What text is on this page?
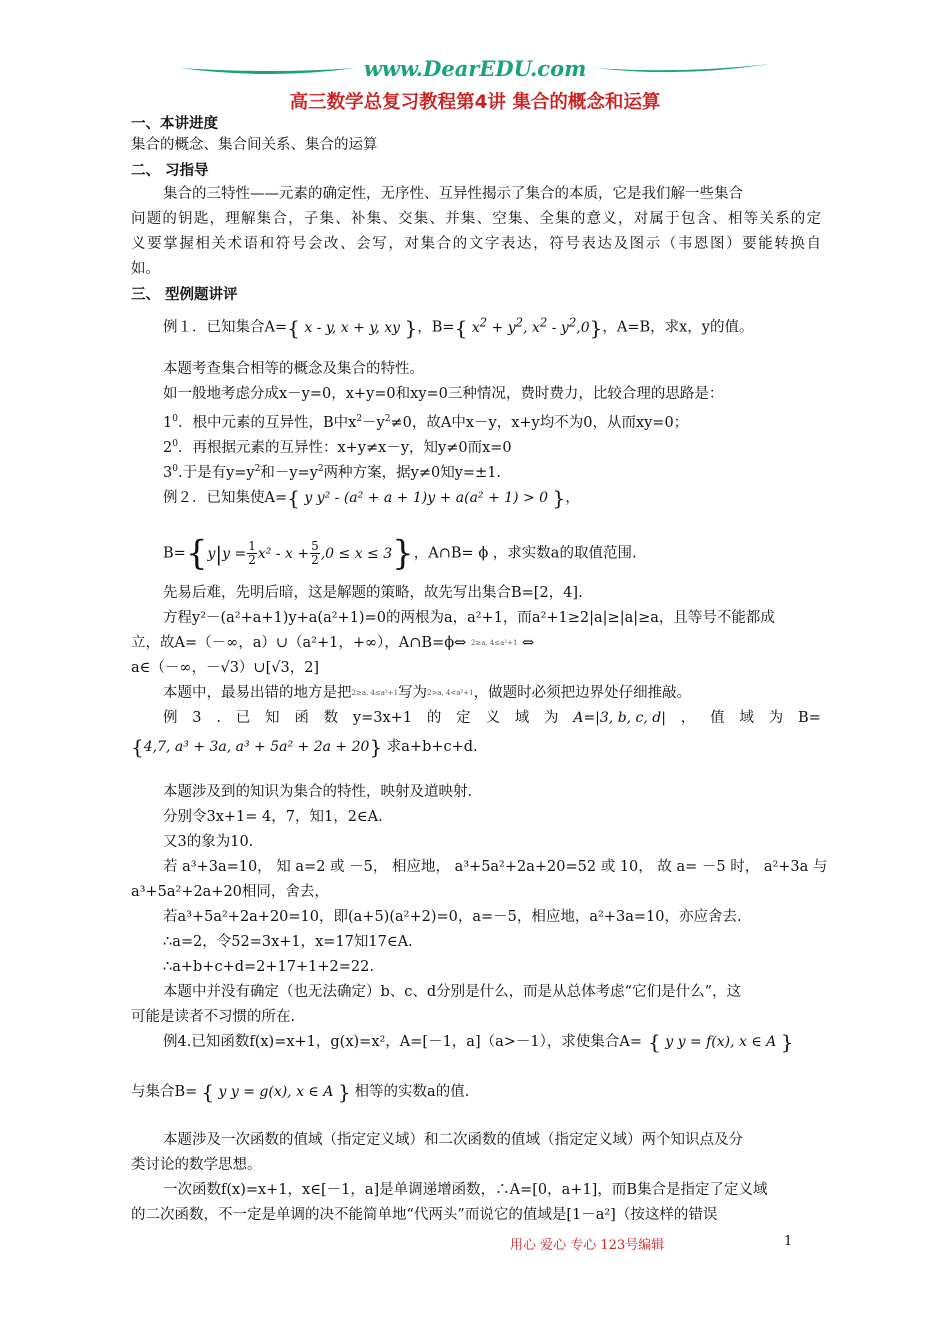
www.DearEDU.com
高三数学总复习教程第4讲 集合的概念和运算
一、本讲进度
集合的概念、集合间关系、集合的运算
二、 习指导
集合的三特性——元素的确定性，无序性、互异性揭示了集合的本质，它是我们解一些集合
问题的钥匙，理解集合，子集、补集、交集、并集、空集、全集的意义，对属于包含、相等关系的定
义要掌握相关术语和符号会改、会写，对集合的文字表达，符号表达及图示（韦恩图）要能转换自
如。
三、 型例题讲评
例１．已知集合A={ x - y, x + y, xy }，B={ $x^2 + y^2$, $x^2 - y^2,0$}，A=B，求x，y的值。
本题考查集合相等的概念及集合的特性。
如一般地考虑分成x－y=0，x+y=0和xy=0三种情况，费时费力，比较合理的思路是：
$1^0$．根中元素的互异性，B中$x^2-y^2\ne 0$，故A中x－y，x+y均不为0，从而xy=0；
$2^0$．再根据元素的互异性：x+y≠x－y，知y≠0而x=0
$3^0$.于是有$y=y^2$和$-y=y^2$两种方案，据y≠0知y=±1.
例２．已知集使A={ y y² - (a² + a + 1)y + a(a² + 1) > 0 }，
$B=\{y|y = \frac{1}{2} x^2 - x + \frac{5}{2} ,0 \le x \le 3\}$，A∩B= ϕ ，求实数a的取值范围.
先易后难，先明后暗，这是解题的策略，故先写出集合B=[2，4].
方程y²－(a²+a+1)y+a(a²+1)=0的两根为a，a²+1，而a²+1≥2|a|≥|a|≥a，且等号不能都成
立，故A=（－∞，a）∪（a²+1，+∞），A∩B=ϕ⇔ 2≥a, 4≤a²+1 ⇔
a∈（－∞，－√3）∪[√3，2]
本题中，最易出错的地方是把2≥a, 4≤a²+1写为2>a, 4<a²+1，做题时必须把边界处仔细推敲。
例 3 . 已 知 函 数 y=3x+1 的 定 义 域 为 A=|3, b, c, d| ， 值 域 为 B=
{4,7, a³ + 3a, a³ + 5a² + 2a + 20} 求a+b+c+d.
本题涉及到的知识为集合的特性，映射及道映射.
分别令3x+1= 4，7，知1，2∈A.
又3的象为10.
若 a³+3a=10， 知 a=2 或 －5， 相应地， a³+5a²+2a+20=52 或 10， 故 a= －5 时， a²+3a 与
a³+5a²+2a+20相同，舍去，
若a³+5a²+2a+20=10，即(a+5)(a²+2)=0，a=－5，相应地，a²+3a=10，亦应舍去.
∴a=2，令52=3x+1，x=17知17∈A.
∴a+b+c+d=2+17+1+2=22.
本题中并没有确定（也无法确定）b、c、d分别是什么，而是从总体考虑“它们是什么”，这
可能是读者不习惯的所在.
例4.已知函数f(x)=x+1，g(x)=x²，A=[－1，a]（a>－1），求使集合A= { y y = f(x), x ∈ A }
与集合B= { y y = g(x), x ∈ A } 相等的实数a的值.
本题涉及一次函数的值域（指定定义域）和二次函数的值域（指定定义域）两个知识点及分
类讨论的数学思想。
一次函数f(x)=x+1，x∈[－1，a]是单调递增函数，∴A=[0，a+1]，而B集合是指定了定义域
的二次函数，不一定是单调的决不能简单地“代两头”而说它的值域是[1－a²]（按这样的错误
用心 爱心 专心 123号编辑	1
